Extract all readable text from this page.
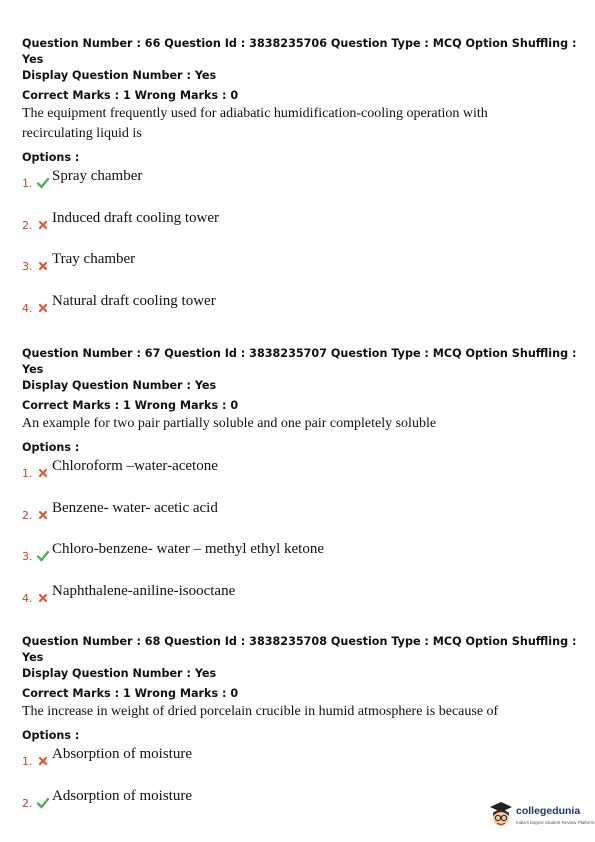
Question Number : 66 Question Id : 3838235706 Question Type : MCQ Option Shuffling : Yes
Display Question Number : Yes
Correct Marks : 1 Wrong Marks : 0
The equipment frequently used for adiabatic humidification-cooling operation with
recirculating liquid is
Options :
1. Spray chamber
2. Induced draft cooling tower
3. Tray chamber
4. Natural draft cooling tower
Question Number : 67 Question Id : 3838235707 Question Type : MCQ Option Shuffling : Yes
Display Question Number : Yes
Correct Marks : 1 Wrong Marks : 0
An example for two pair partially soluble and one pair completely soluble
Options :
1. Chloroform –water-acetone
2. Benzene- water- acetic acid
3. Chloro-benzene- water – methyl ethyl ketone
4. Naphthalene-aniline-isooctane
Question Number : 68 Question Id : 3838235708 Question Type : MCQ Option Shuffling : Yes
Display Question Number : Yes
Correct Marks : 1 Wrong Marks : 0
The increase in weight of dried porcelain crucible in humid atmosphere is because of
Options :
1. Absorption of moisture
2. Adsorption of moisture
collegedunia
India's largest Student Review Platform
